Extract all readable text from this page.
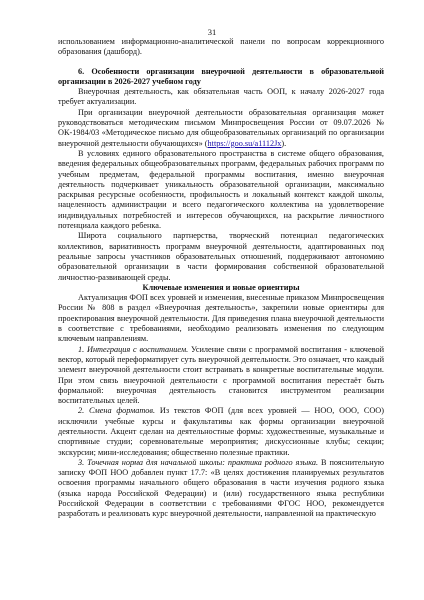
31

использованием информационно-аналитической панели по вопросам коррекционного образования (дашборд).

6. Особенности организации внеурочной деятельности в образовательной организации в 2026-2027 учебном году

Внеурочная деятельность, как обязательная часть ООП, к началу 2026-2027 года требует актуализации.

При организации внеурочной деятельности образовательная организация может руководствоваться методическим письмом Минпросвещения России от 09.07.2026 № ОК-1984/03 «Методическое письмо для общеобразовательных организаций по организации внеурочной деятельности обучающихся» (https://goo.su/a1112Jx).

В условиях единого образовательного пространства в системе общего образования, введения федеральных общеобразовательных программ, федеральных рабочих программ по учебным предметам, федеральной программы воспитания, именно внеурочная деятельность подчеркивает уникальность образовательной организации, максимально раскрывая ресурсные особенности, профильность и локальный контекст каждой школы, нацеленность администрации и всего педагогического коллектива на удовлетворение индивидуальных потребностей и интересов обучающихся, на раскрытие личностного потенциала каждого ребенка.

Широта социального партнерства, творческий потенциал педагогических коллективов, вариативность программ внеурочной деятельности, адаптированных под реальные запросы участников образовательных отношений, поддерживают автономию образовательной организации в части формирования собственной образовательной личностно-развивающей среды.

Ключевые изменения и новые ориентиры

Актуализация ФОП всех уровней и изменения, внесенные приказом Минпросвещения России № 808 в раздел «Внеурочная деятельность», закрепили новые ориентиры для проектирования внеурочной деятельности. Для приведения плана внеурочной деятельности в соответствие с требованиями, необходимо реализовать изменения по следующим ключевым направлениям.

1. Интеграция с воспитанием. Усиление связи с программой воспитания - ключевой вектор, который переформатирует суть внеурочной деятельности. Это означает, что каждый элемент внеурочной деятельности стоит встраивать в конкретные воспитательные модули. При этом связь внеурочной деятельности с программой воспитания перестаёт быть формальной: внеурочная деятельность становится инструментом реализации воспитательных целей.

2. Смена форматов. Из текстов ФОП (для всех уровней — НОО, ООО, СОО) исключили учебные курсы и факультативы как формы организации внеурочной деятельности. Акцент сделан на деятельностные формы: художественные, музыкальные и спортивные студии; соревновательные мероприятия; дискуссионные клубы; секции; экскурсии; мини-исследования; общественно полезные практики.

3. Точечная норма для начальной школы: практика родного языка. В пояснительную записку ФОП НОО добавлен пункт 17.7: «В целях достижения планируемых результатов освоения программы начального общего образования в части изучения родного языка (языка народа Российской Федерации) и (или) государственного языка республики Российской Федерации в соответствии с требованиями ФГОС НОО, рекомендуется разработать и реализовать курс внеурочной деятельности, направленной на практическую
